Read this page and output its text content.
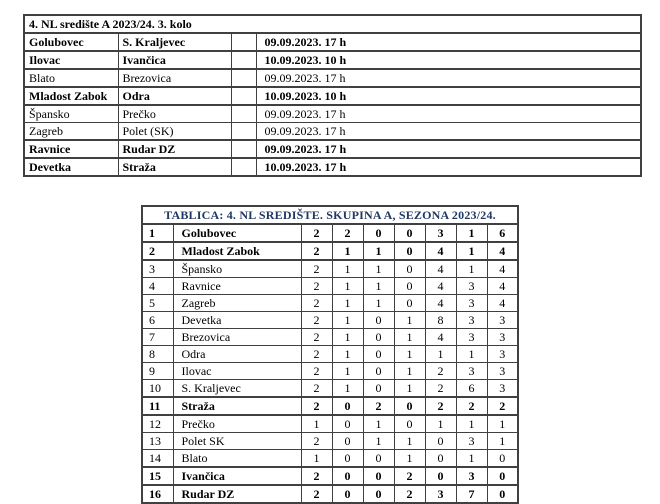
4. NL središte A 2023/24. 3. kolo			
Golubovec	S. Kraljevec		09.09.2023. 17 h
Ilovac	Ivančica		10.09.2023. 10 h
Blato	Brezovica		09.09.2023. 17 h
Mladost Zabok	Odra		10.09.2023. 10 h
Špansko	Prečko		09.09.2023. 17 h
Zagreb	Polet (SK)		09.09.2023. 17 h
Ravnice	Rudar DZ		09.09.2023. 17 h
Devetka	Straža		10.09.2023. 17 h
TABLICA: 4. NL SREDIŠTE. SKUPINA A, SEZONA 2023/24.								
1	Golubovec	2	2	0	0	3	1	6
2	Mladost Zabok	2	1	1	0	4	1	4
3	Špansko	2	1	1	0	4	1	4
4	Ravnice	2	1	1	0	4	3	4
5	Zagreb	2	1	1	0	4	3	4
6	Devetka	2	1	0	1	8	3	3
7	Brezovica	2	1	0	1	4	3	3
8	Odra	2	1	0	1	1	1	3
9	Ilovac	2	1	0	1	2	3	3
10	S. Kraljevec	2	1	0	1	2	6	3
11	Straža	2	0	2	0	2	2	2
12	Prečko	1	0	1	0	1	1	1
13	Polet SK	2	0	1	1	0	3	1
14	Blato	1	0	0	1	0	1	0
15	Ivančica	2	0	0	2	0	3	0
16	Rudar DZ	2	0	0	2	3	7	0
